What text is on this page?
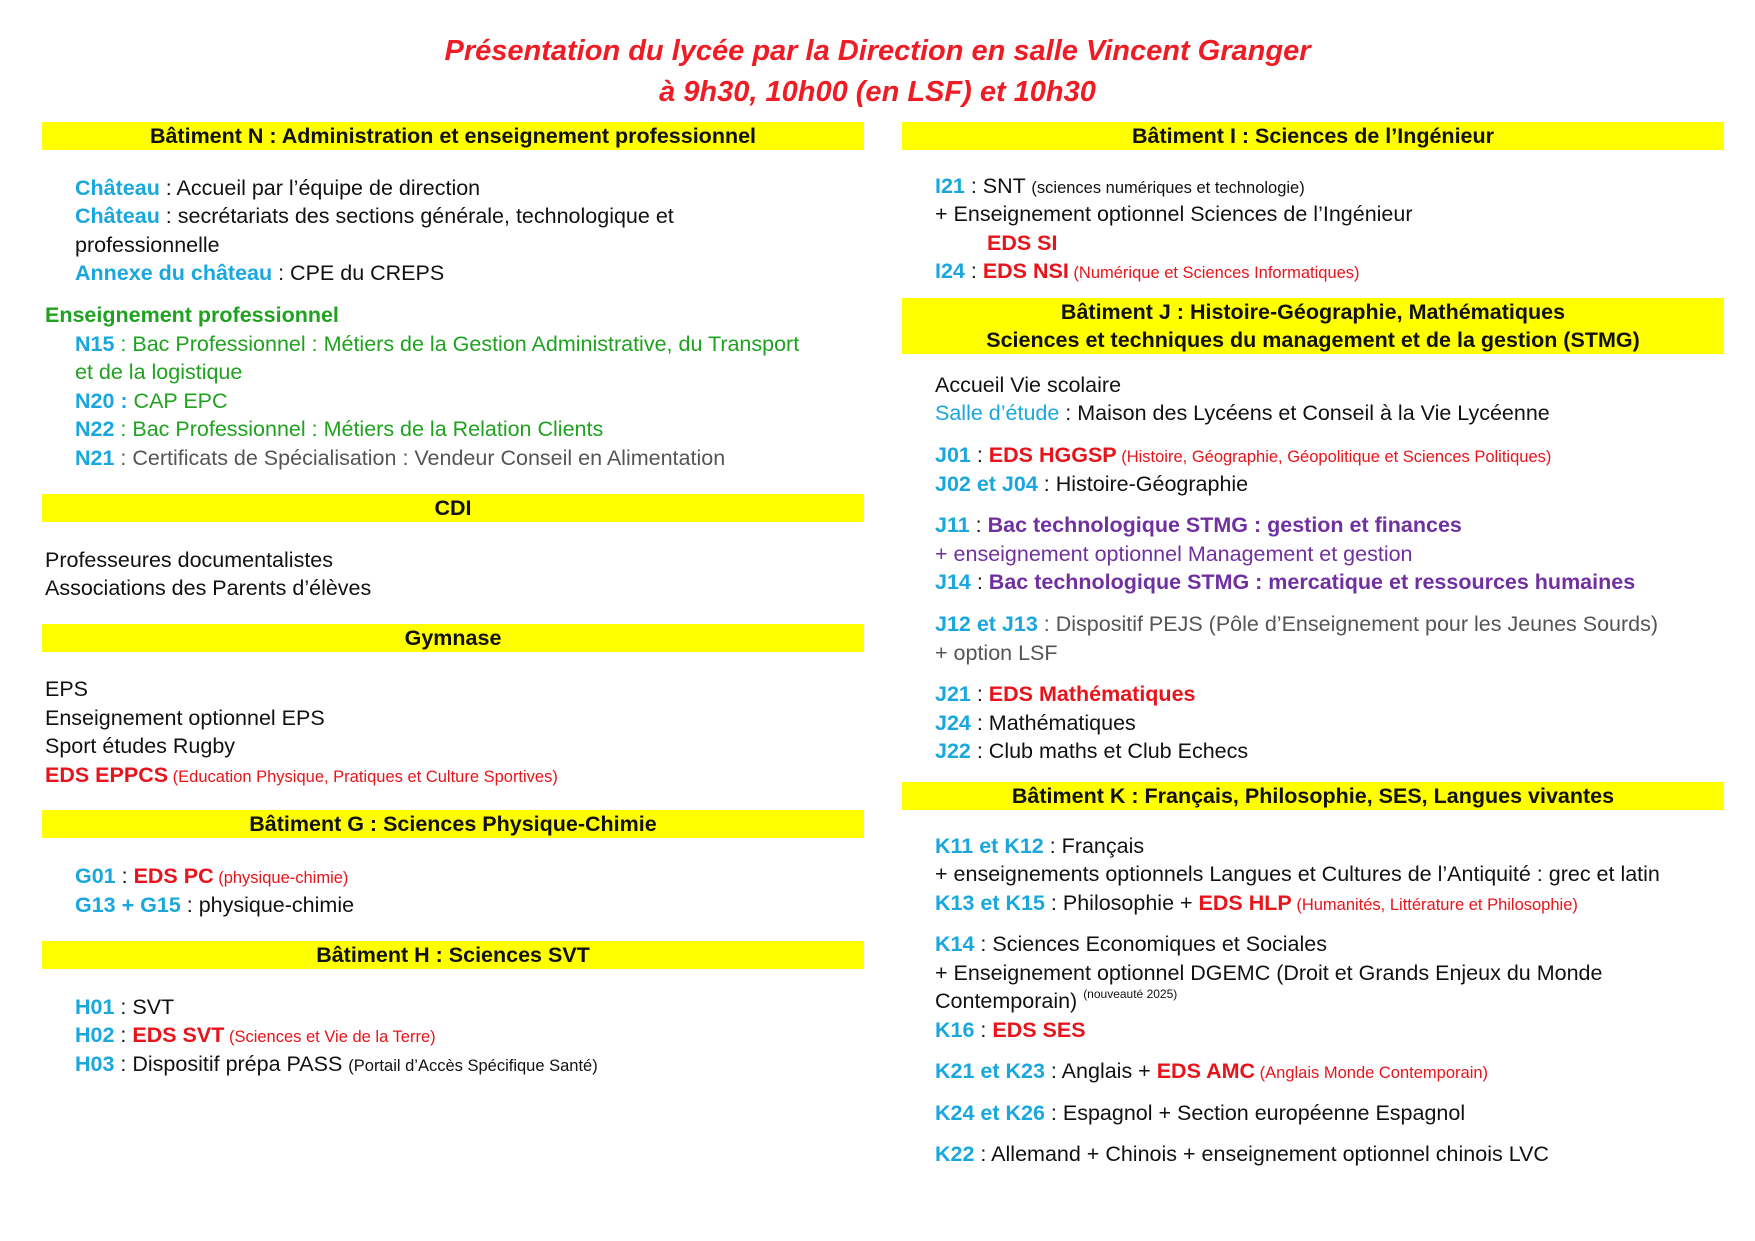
Présentation du lycée par la Direction en salle Vincent Granger
à 9h30, 10h00 (en LSF) et 10h30
Bâtiment N : Administration et enseignement professionnel
Château : Accueil par l’équipe de direction
Château : secrétariats des sections générale, technologique et
professionnelle
Annexe du château : CPE du CREPS
Enseignement professionnel
N15 : Bac Professionnel : Métiers de la Gestion Administrative, du Transport
et de la logistique
N20 : CAP EPC
N22 : Bac Professionnel : Métiers de la Relation Clients
N21 : Certificats de Spécialisation : Vendeur Conseil en Alimentation
CDI
Professeures documentalistes
Associations des Parents d’élèves
Gymnase
EPS
Enseignement optionnel EPS
Sport études Rugby
EDS EPPCS (Education Physique, Pratiques et Culture Sportives)
Bâtiment G : Sciences Physique-Chimie
G01 : EDS PC (physique-chimie)
G13 + G15 : physique-chimie
Bâtiment H : Sciences SVT
H01 : SVT
H02 : EDS SVT (Sciences et Vie de la Terre)
H03 : Dispositif prépa PASS (Portail d’Accès Spécifique Santé)
Bâtiment I : Sciences de l’Ingénieur
I21 : SNT (sciences numériques et technologie)
+ Enseignement optionnel Sciences de l’Ingénieur
EDS SI
I24 : EDS NSI (Numérique et Sciences Informatiques)
Bâtiment J : Histoire-Géographie, Mathématiques
Sciences et techniques du management et de la gestion (STMG)
Accueil Vie scolaire
Salle d’étude : Maison des Lycéens et Conseil à la Vie Lycéenne
J01 : EDS HGGSP (Histoire, Géographie, Géopolitique et Sciences Politiques)
J02 et J04 : Histoire-Géographie
J11 : Bac technologique STMG : gestion et finances
+ enseignement optionnel Management et gestion
J14 : Bac technologique STMG : mercatique et ressources humaines
J12 et J13 : Dispositif PEJS (Pôle d’Enseignement pour les Jeunes Sourds)
+ option LSF
J21 : EDS Mathématiques
J24 : Mathématiques
J22 : Club maths et Club Echecs
Bâtiment K : Français, Philosophie, SES, Langues vivantes
K11 et K12 : Français
+ enseignements optionnels Langues et Cultures de l’Antiquité : grec et latin
K13 et K15 : Philosophie + EDS HLP (Humanités, Littérature et Philosophie)
K14 : Sciences Economiques et Sociales
+ Enseignement optionnel DGEMC (Droit et Grands Enjeux du Monde
Contemporain) $^{(nouveauté 2025)}$
K16 : EDS SES
K21 et K23 : Anglais + EDS AMC (Anglais Monde Contemporain)
K24 et K26 : Espagnol + Section européenne Espagnol
K22 : Allemand + Chinois + enseignement optionnel chinois LVC
